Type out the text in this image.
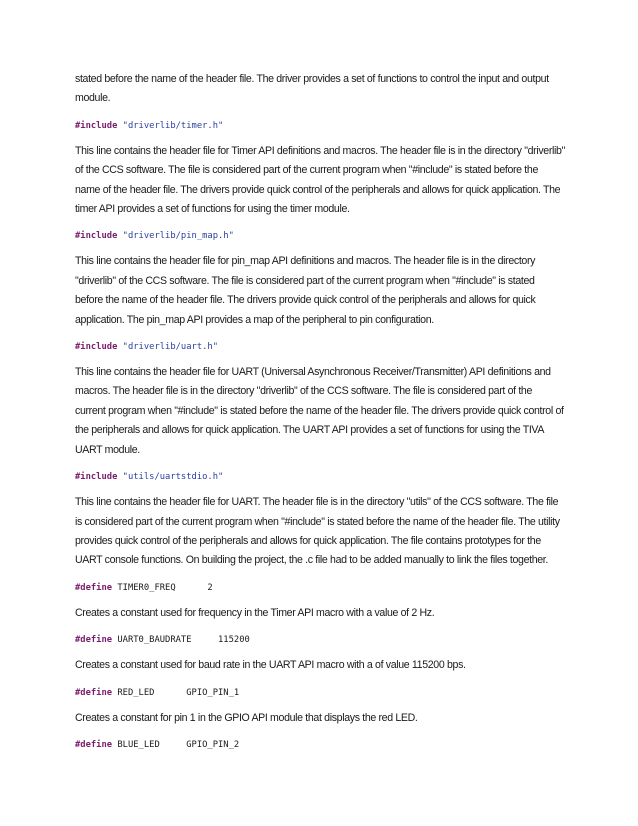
stated before the name of the header file. The driver provides a set of functions to control the input and output module.

#include "driverlib/timer.h"

This line contains the header file for Timer API definitions and macros. The header file is in the directory "driverlib" of the CCS software. The file is considered part of the current program when "#include" is stated before the name of the header file. The drivers provide quick control of the peripherals and allows for quick application. The timer API provides a set of functions for using the timer module.

#include "driverlib/pin_map.h"

This line contains the header file for pin_map API definitions and macros. The header file is in the directory "driverlib" of the CCS software. The file is considered part of the current program when "#include" is stated before the name of the header file. The drivers provide quick control of the peripherals and allows for quick application. The pin_map API provides a map of the peripheral to pin configuration.

#include "driverlib/uart.h"

This line contains the header file for UART (Universal Asynchronous Receiver/Transmitter) API definitions and macros. The header file is in the directory "driverlib" of the CCS software. The file is considered part of the current program when "#include" is stated before the name of the header file. The drivers provide quick control of the peripherals and allows for quick application. The UART API provides a set of functions for using the TIVA UART module.

#include "utils/uartstdio.h"

This line contains the header file for UART. The header file is in the directory "utils" of the CCS software. The file is considered part of the current program when "#include" is stated before the name of the header file. The utility provides quick control of the peripherals and allows for quick application. The file contains prototypes for the UART console functions. On building the project, the .c file had to be added manually to link the files together.

#define TIMER0_FREQ	2

Creates a constant used for frequency in the Timer API macro with a value of 2 Hz.

#define UART0_BAUDRATE	115200

Creates a constant used for baud rate in the UART API macro with a of value 115200 bps.

#define RED_LED	GPIO_PIN_1

Creates a constant for pin 1 in the GPIO API module that displays the red LED.

#define BLUE_LED	GPIO_PIN_2
